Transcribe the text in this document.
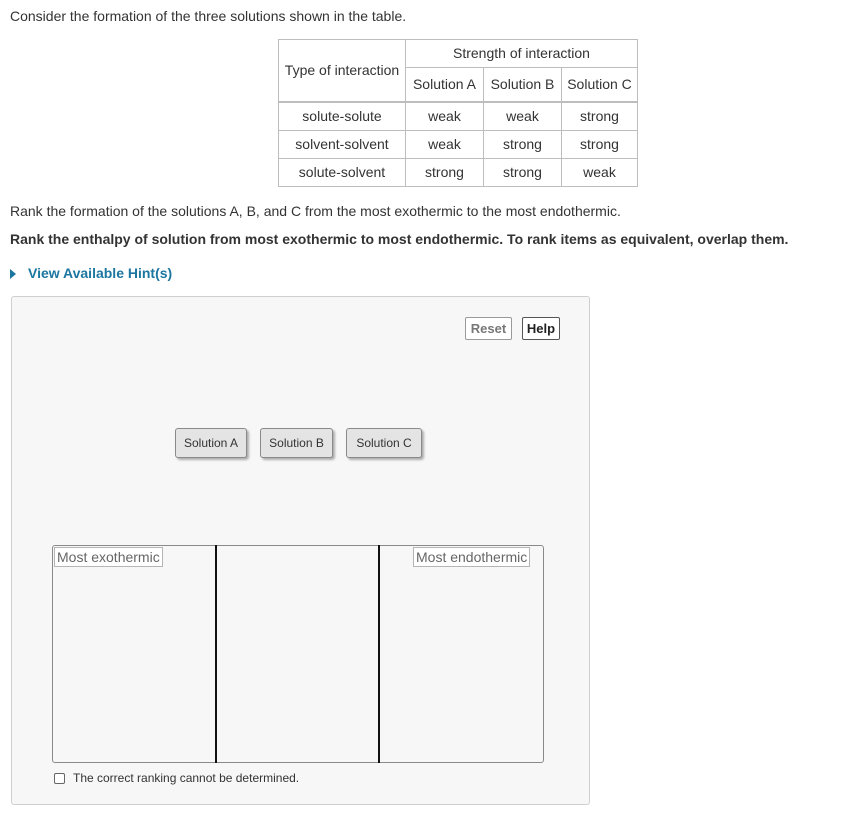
Consider the formation of the three solutions shown in the table.
Type of interaction	Strength of interaction		
	Solution A	Solution B	Solution C
solute-solute	weak	weak	strong
solvent-solvent	weak	strong	strong
solute-solvent	strong	strong	weak
Rank the formation of the solutions A, B, and C from the most exothermic to the most endothermic.
Rank the enthalpy of solution from most exothermic to most endothermic. To rank items as equivalent, overlap them.
View Available Hint(s)
Reset	Help
Solution A	Solution B	Solution C
Most exothermic	Most endothermic
The correct ranking cannot be determined.
